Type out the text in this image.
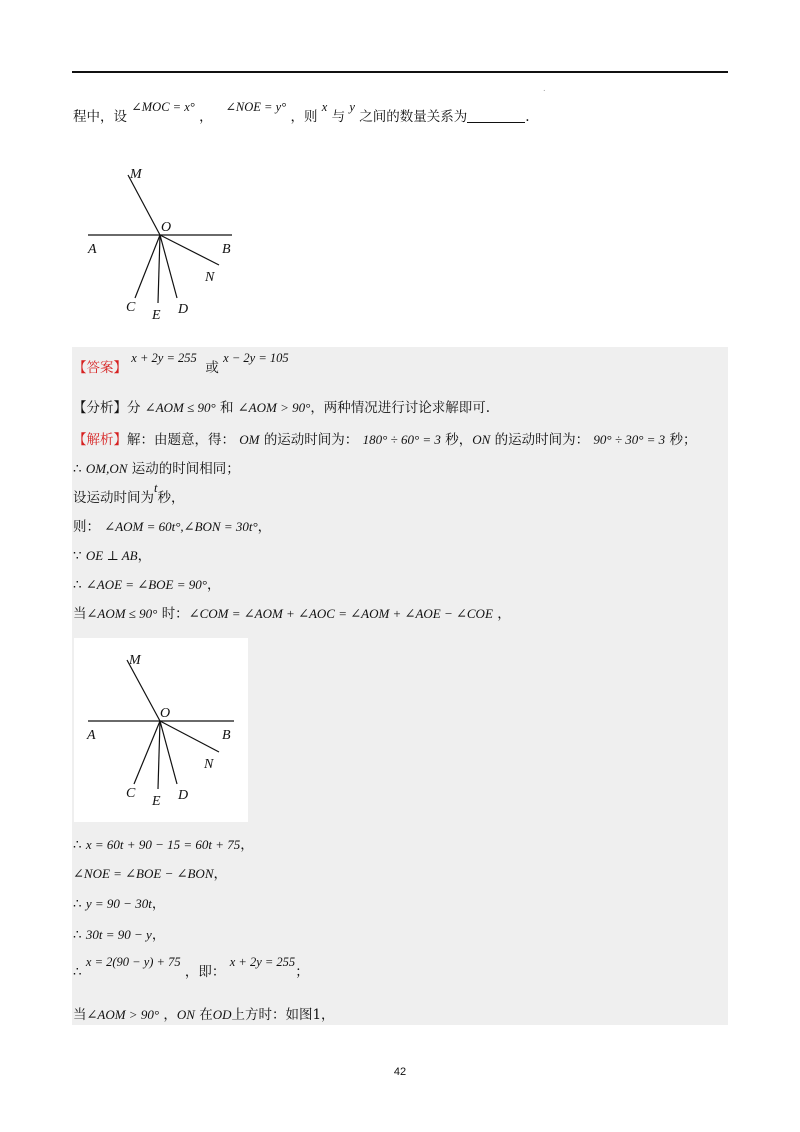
.
程中，设 ∠MOC = x° ，   ∠NOE = y° ，则 x 与 y 之间的数量关系为	.
M
O
A	B
N
C
E D
【答案】 x + 2y = 255  或 x − 2y = 105
【分析】分 ∠AOM ≤ 90° 和 ∠AOM > 90°，两种情况进行讨论求解即可.
【解析】解：由题意，得： OM 的运动时间为： 180° ÷ 60° = 3 秒，ON 的运动时间为： 90° ÷ 30° = 3 秒；
∴ OM,ON 运动的时间相同；
设运动时间为t秒，
则： ∠AOM = 60t°,∠BON = 30t°，
∵ OE ⊥ AB，
∴ ∠AOE = ∠BOE = 90°，
当∠AOM ≤ 90° 时：∠COM = ∠AOM + ∠AOC = ∠AOM + ∠AOE − ∠COE ，
M
O
A	B
N
C
E D
∴ x = 60t + 90 − 15 = 60t + 75，
∠NOE = ∠BOE − ∠BON，
∴ y = 90 − 30t，
∴ 30t = 90 − y，
∴ x = 2(90 − y) + 75 ，即： x + 2y = 255；
当∠AOM > 90° ，ON 在OD上方时：如图1，
42
